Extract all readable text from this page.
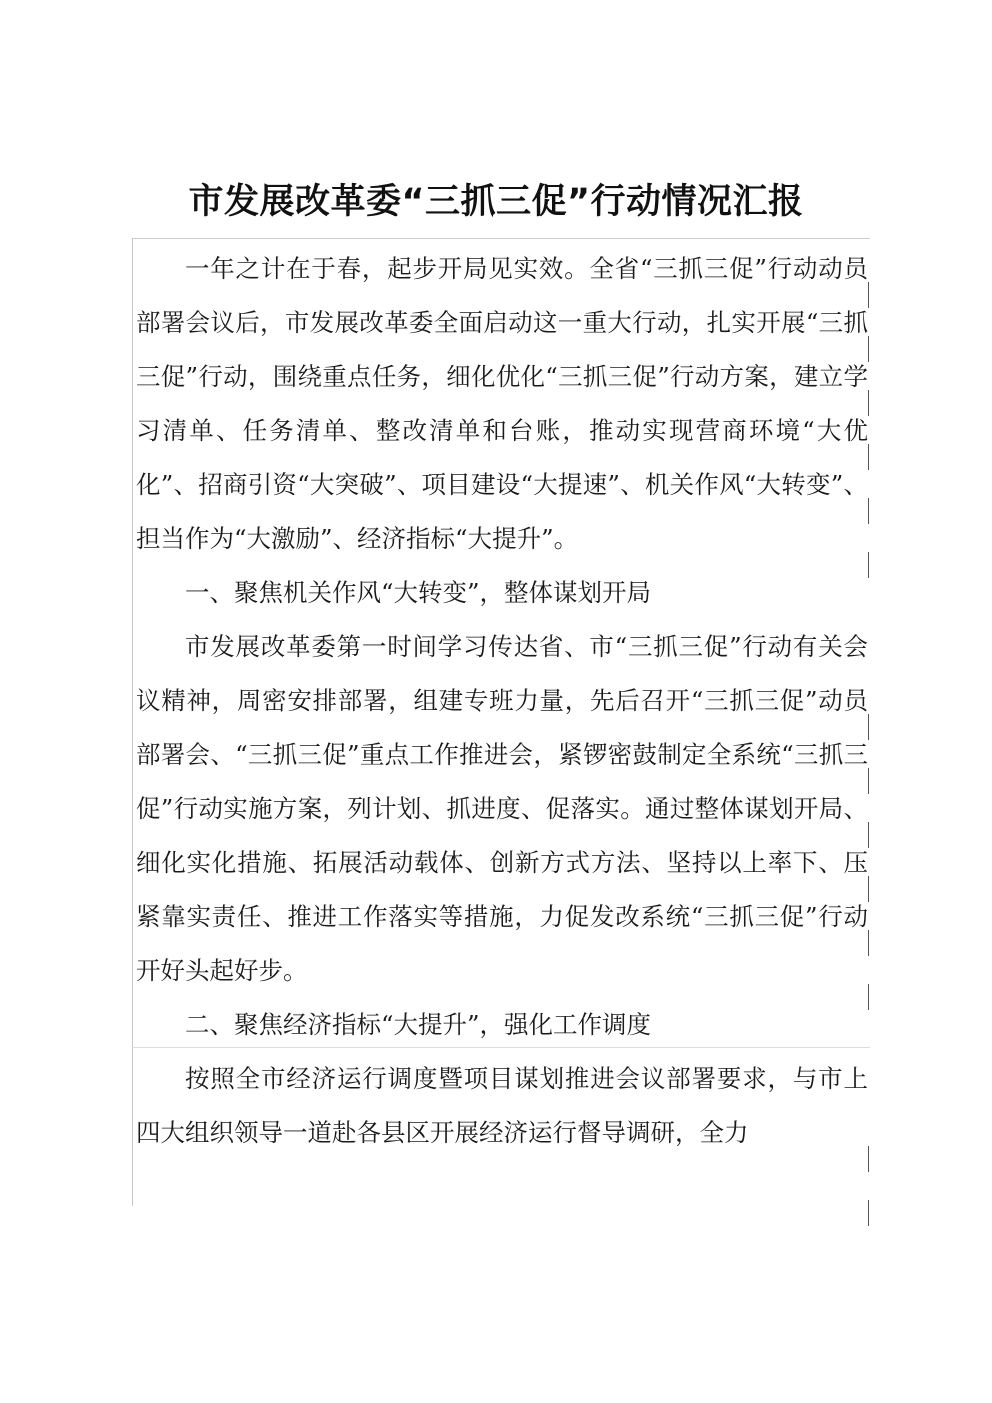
市发展改革委“三抓三促”行动情况汇报

一年之计在于春，起步开局见实效。全省“三抓三促”行动动员部署会议后，市发展改革委全面启动这一重大行动，扎实开展“三抓三促”行动，围绕重点任务，细化优化“三抓三促”行动方案，建立学习清单、任务清单、整改清单和台账，推动实现营商环境“大优化”、招商引资“大突破”、项目建设“大提速”、机关作风“大转变”、担当作为“大激励”、经济指标“大提升”。

一、聚焦机关作风“大转变”，整体谋划开局

市发展改革委第一时间学习传达省、市“三抓三促”行动有关会议精神，周密安排部署，组建专班力量，先后召开“三抓三促”动员部署会、“三抓三促”重点工作推进会，紧锣密鼓制定全系统“三抓三促”行动实施方案，列计划、抓进度、促落实。通过整体谋划开局、细化实化措施、拓展活动载体、创新方式方法、坚持以上率下、压紧靠实责任、推进工作落实等措施，力促发改系统“三抓三促”行动开好头起好步。

二、聚焦经济指标“大提升”，强化工作调度

按照全市经济运行调度暨项目谋划推进会议部署要求，与市上四大组织领导一道赴各县区开展经济运行督导调研，全力
